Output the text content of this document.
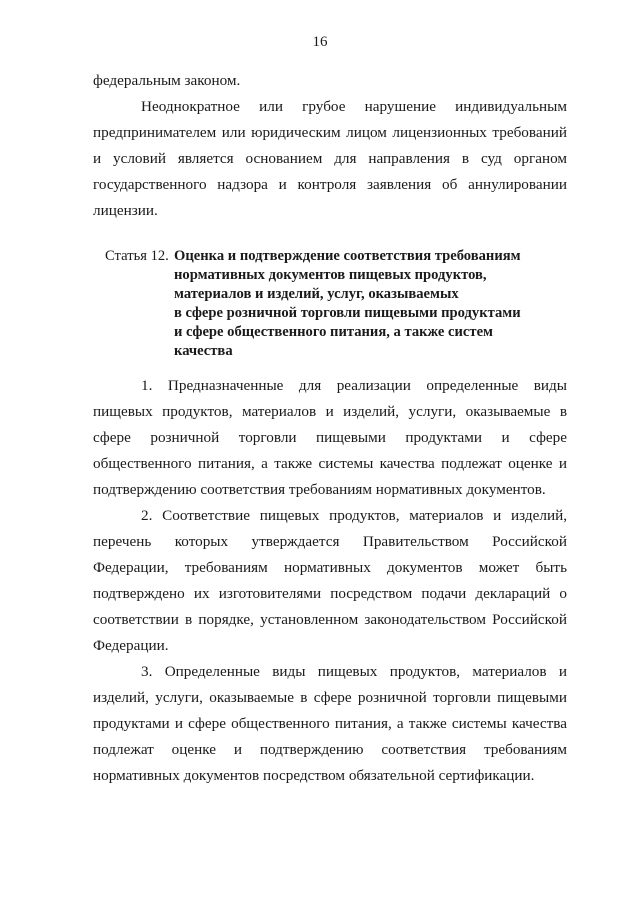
16

федеральным законом.

Неоднократное или грубое нарушение индивидуальным предпринимателем или юридическим лицом лицензионных требований и условий является основанием для направления в суд органом государственного надзора и контроля заявления об аннулировании лицензии.

Статья 12. Оценка и подтверждение соответствия требованиям
нормативных документов пищевых продуктов,
материалов и изделий, услуг, оказываемых
в сфере розничной торговли пищевыми продуктами
и сфере общественного питания, а также систем
качества

1. Предназначенные для реализации определенные виды пищевых продуктов, материалов и изделий, услуги, оказываемые в сфере розничной торговли пищевыми продуктами и сфере общественного питания, а также системы качества подлежат оценке и подтверждению соответствия требованиям нормативных документов.

2. Соответствие пищевых продуктов, материалов и изделий, перечень которых утверждается Правительством Российской Федерации, требованиям нормативных документов может быть подтверждено их изготовителями посредством подачи деклараций о соответствии в порядке, установленном законодательством Российской Федерации.

3. Определенные виды пищевых продуктов, материалов и изделий, услуги, оказываемые в сфере розничной торговли пищевыми продуктами и сфере общественного питания, а также системы качества подлежат оценке и подтверждению соответствия требованиям нормативных документов посредством обязательной сертификации.
